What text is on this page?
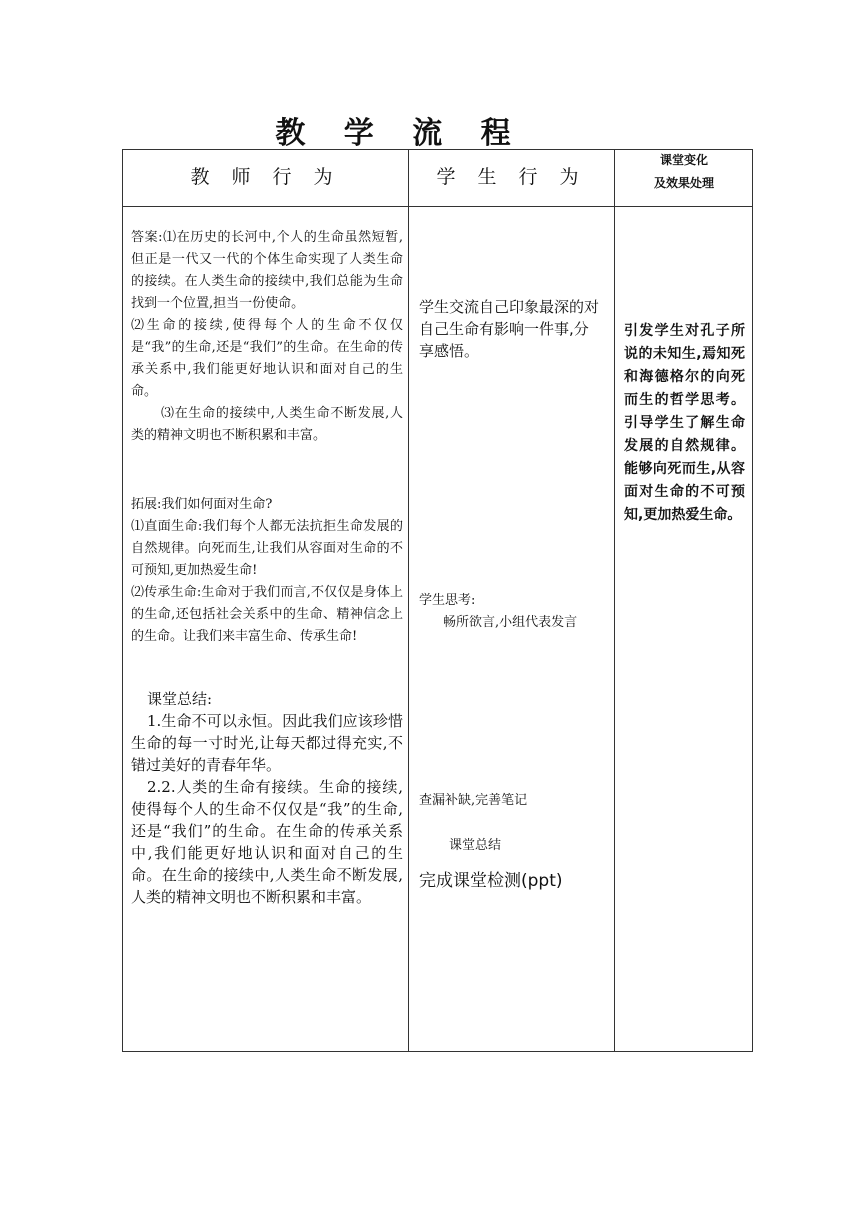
教 学 流 程
教 师 行 为	学 生 行 为
课堂变化
及效果处理

答案:⑴在历史的长河中,个人的生命虽然短暂,但正是一代又一代的个体生命实现了人类生命的接续。在人类生命的接续中,我们总能为生命找到一个位置,担当一份使命。

⑵生命的接续,使得每个人的生命不仅仅是“我”的生命,还是“我们”的生命。在生命的传承关系中,我们能更好地认识和面对自己的生命。

⑶在生命的接续中,人类生命不断发展,人类的精神文明也不断积累和丰富。

拓展:我们如何面对生命?

⑴直面生命:我们每个人都无法抗拒生命发展的自然规律。向死而生,让我们从容面对生命的不可预知,更加热爱生命!

⑵传承生命:生命对于我们而言,不仅仅是身体上的生命,还包括社会关系中的生命、精神信念上的生命。让我们来丰富生命、传承生命!

课堂总结:

1.生命不可以永恒。因此我们应该珍惜生命的每一寸时光,让每天都过得充实,不错过美好的青春年华。

2.2.人类的生命有接续。生命的接续,使得每个人的生命不仅仅是“我”的生命,还是“我们”的生命。在生命的传承关系中,我们能更好地认识和面对自己的生命。在生命的接续中,人类生命不断发展,人类的精神文明也不断积累和丰富。

学生交流自己印象最深的对自己生命有影响一件事,分享感悟。

学生思考:

畅所欲言,小组代表发言

查漏补缺,完善笔记
课堂总结
完成课堂检测(ppt)
引发学生对孔子所说的未知生,焉知死和海德格尔的向死而生的哲学思考。引导学生了解生命发展的自然规律。能够向死而生,从容面对生命的不可预知,更加热爱生命。
